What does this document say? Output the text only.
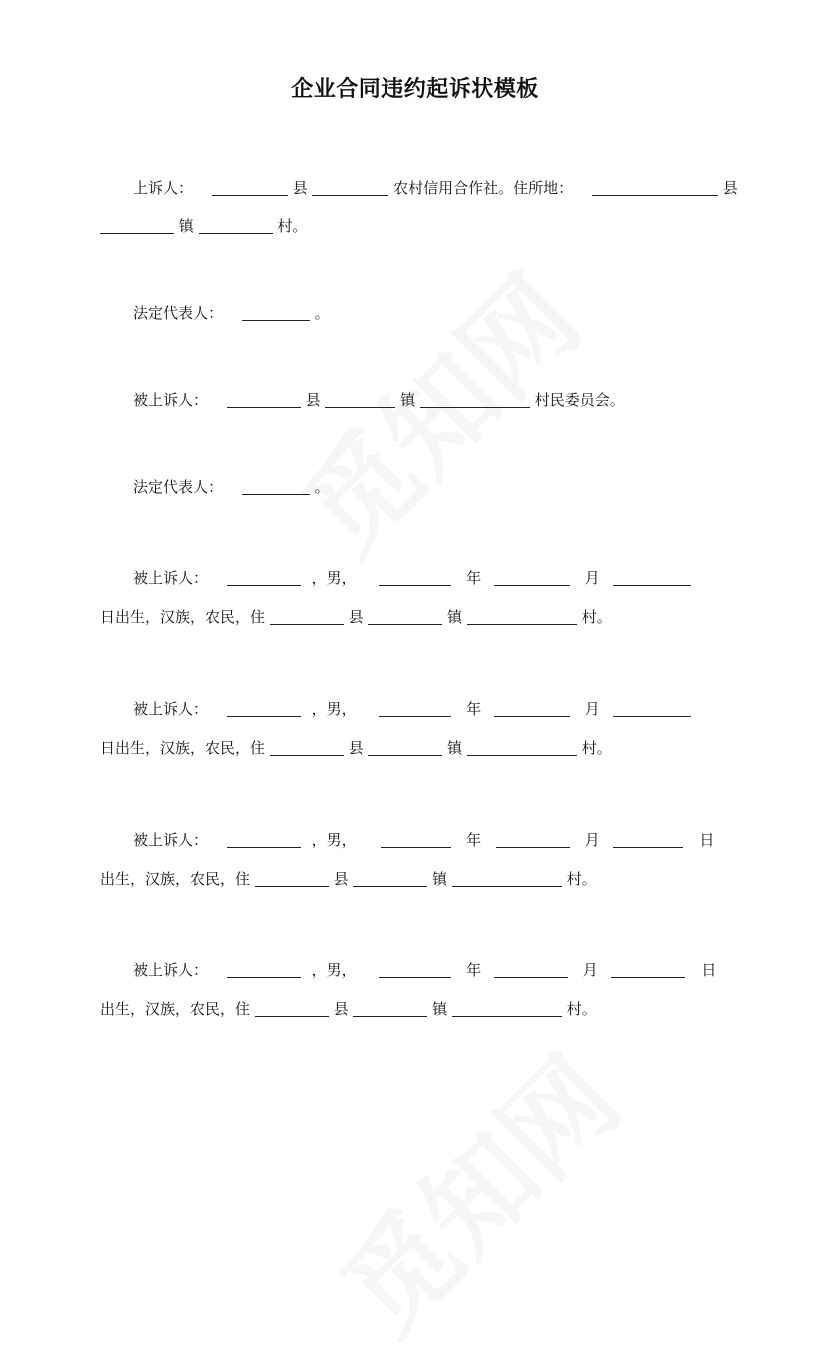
企业合同违约起诉状模板
上诉人：	县	农村信用合作社。住所地：	县
镇	村。
法定代表人：	。
被上诉人：	县	镇	村民委员会。
法定代表人：	。
被上诉人：	，男，	年	月
日出生，汉族，农民，住	县	镇	村。
被上诉人：	，男，	年	月
日出生，汉族，农民，住	县	镇	村。
被上诉人：	，男，	年	月	日
出生，汉族，农民，住	县	镇	村。
被上诉人：	，男，	年	月	日
出生，汉族，农民，住	县	镇	村。
